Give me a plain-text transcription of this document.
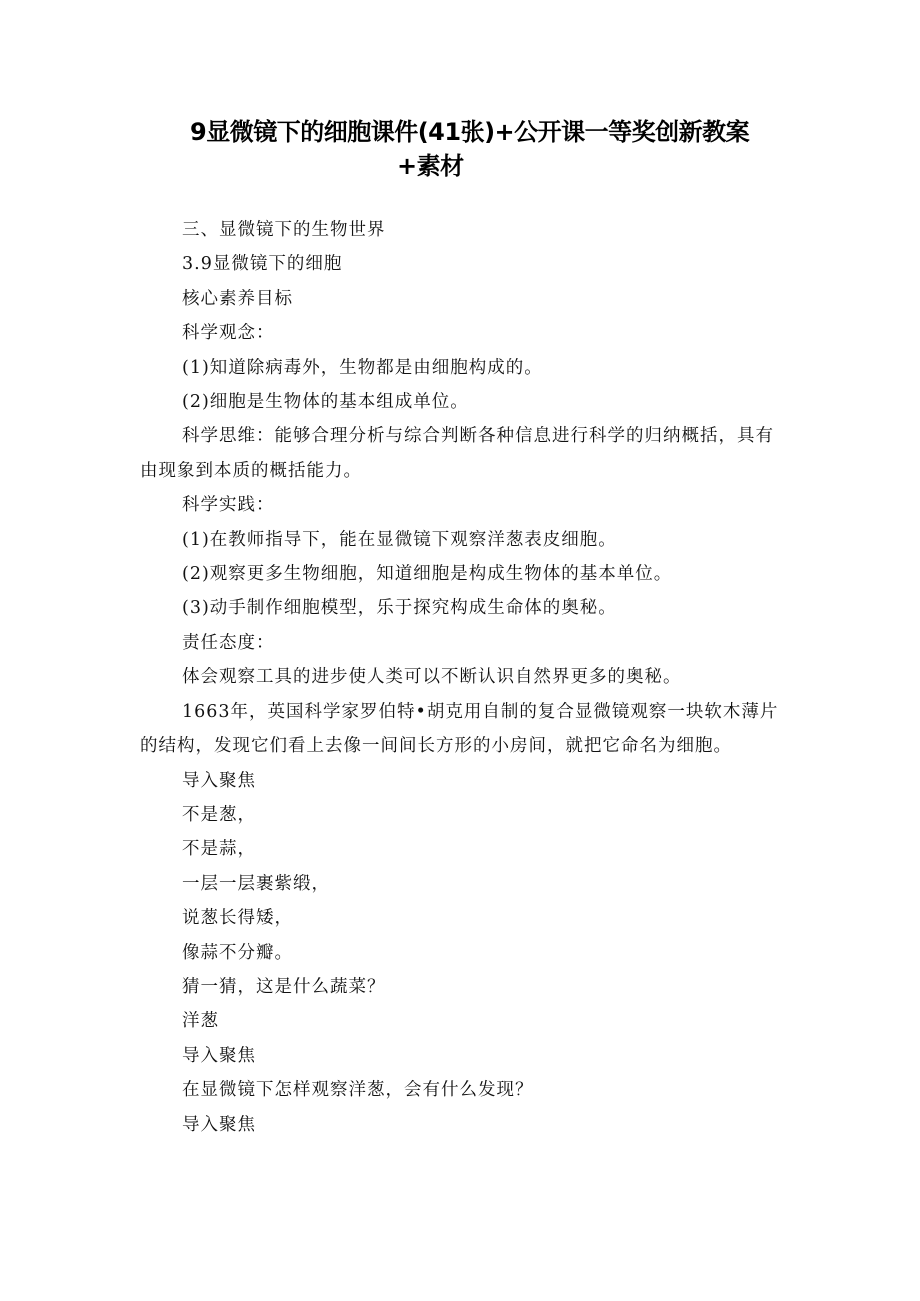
9显微镜下的细胞课件(41张)+公开课一等奖创新教案
+素材

三、显微镜下的生物世界

3.9显微镜下的细胞

核心素养目标

科学观念：

(1)知道除病毒外，生物都是由细胞构成的。

(2)细胞是生物体的基本组成单位。

科学思维：能够合理分析与综合判断各种信息进行科学的归纳概括，具有由现象到本质的概括能力。

科学实践：

(1)在教师指导下，能在显微镜下观察洋葱表皮细胞。

(2)观察更多生物细胞，知道细胞是构成生物体的基本单位。

(3)动手制作细胞模型，乐于探究构成生命体的奥秘。

责任态度：

体会观察工具的进步使人类可以不断认识自然界更多的奥秘。

1663年，英国科学家罗伯特•胡克用自制的复合显微镜观察一块软木薄片的结构，发现它们看上去像一间间长方形的小房间，就把它命名为细胞。

导入聚焦

不是葱，

不是蒜，

一层一层裹紫缎，

说葱长得矮，

像蒜不分瓣。

猜一猜，这是什么蔬菜？

洋葱

导入聚焦

在显微镜下怎样观察洋葱，会有什么发现？

导入聚焦
